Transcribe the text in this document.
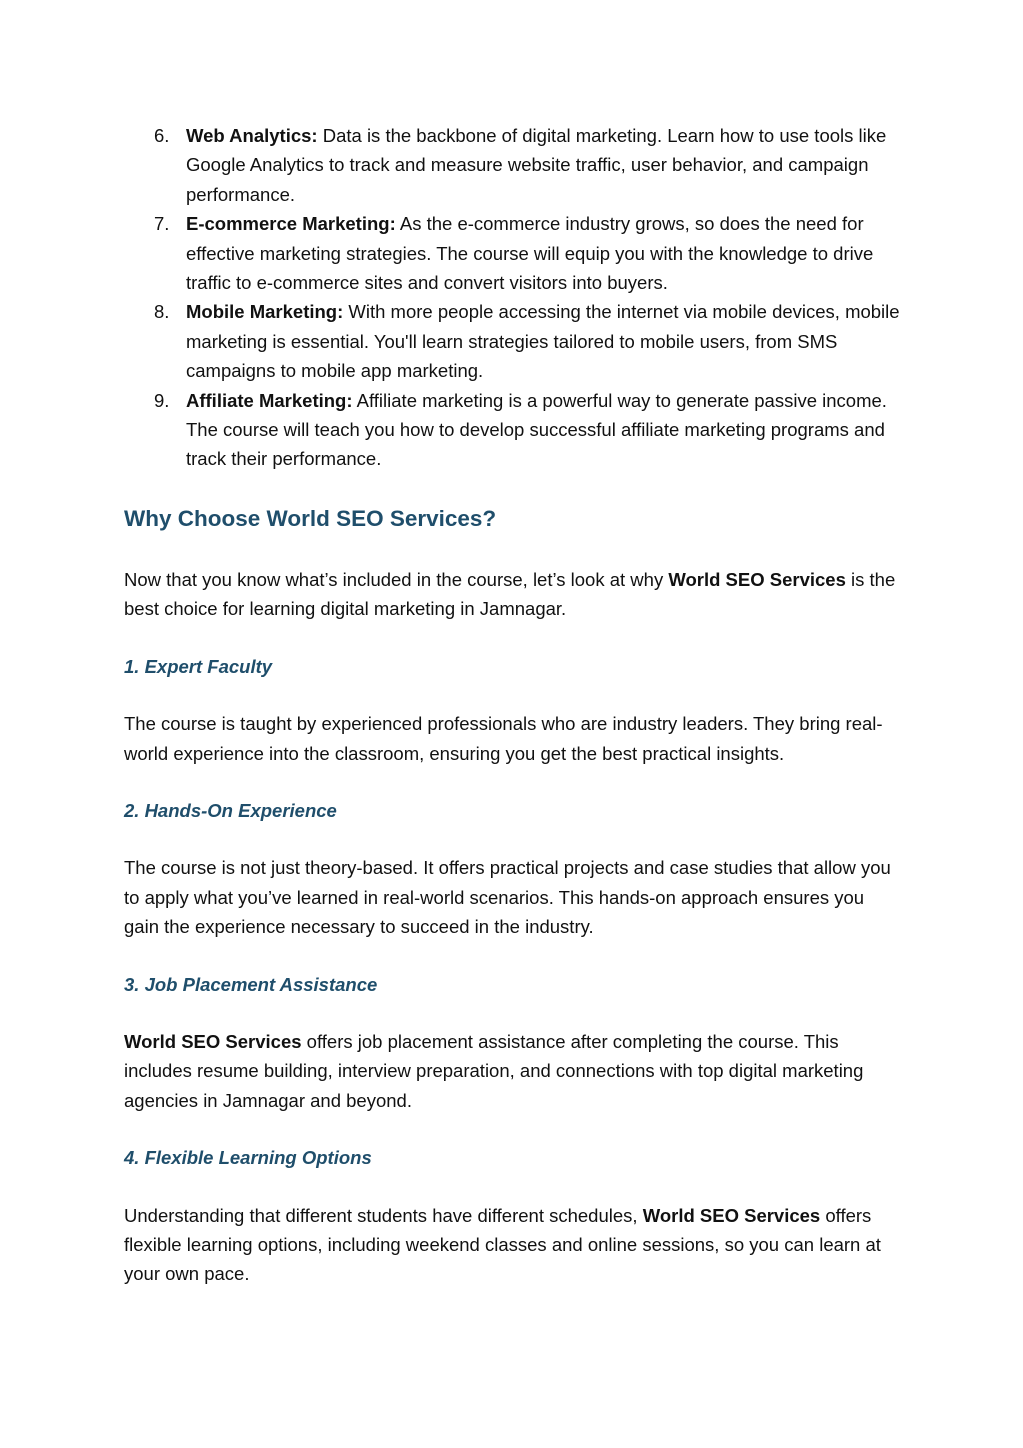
6. Web Analytics: Data is the backbone of digital marketing. Learn how to use tools like Google Analytics to track and measure website traffic, user behavior, and campaign performance.
7. E-commerce Marketing: As the e-commerce industry grows, so does the need for effective marketing strategies. The course will equip you with the knowledge to drive traffic to e-commerce sites and convert visitors into buyers.
8. Mobile Marketing: With more people accessing the internet via mobile devices, mobile marketing is essential. You'll learn strategies tailored to mobile users, from SMS campaigns to mobile app marketing.
9. Affiliate Marketing: Affiliate marketing is a powerful way to generate passive income. The course will teach you how to develop successful affiliate marketing programs and track their performance.
Why Choose World SEO Services?

Now that you know what’s included in the course, let’s look at why World SEO Services is the best choice for learning digital marketing in Jamnagar.

1. Expert Faculty

The course is taught by experienced professionals who are industry leaders. They bring real-world experience into the classroom, ensuring you get the best practical insights.

2. Hands-On Experience

The course is not just theory-based. It offers practical projects and case studies that allow you to apply what you’ve learned in real-world scenarios. This hands-on approach ensures you gain the experience necessary to succeed in the industry.

3. Job Placement Assistance

World SEO Services offers job placement assistance after completing the course. This includes resume building, interview preparation, and connections with top digital marketing agencies in Jamnagar and beyond.

4. Flexible Learning Options

Understanding that different students have different schedules, World SEO Services offers flexible learning options, including weekend classes and online sessions, so you can learn at your own pace.
